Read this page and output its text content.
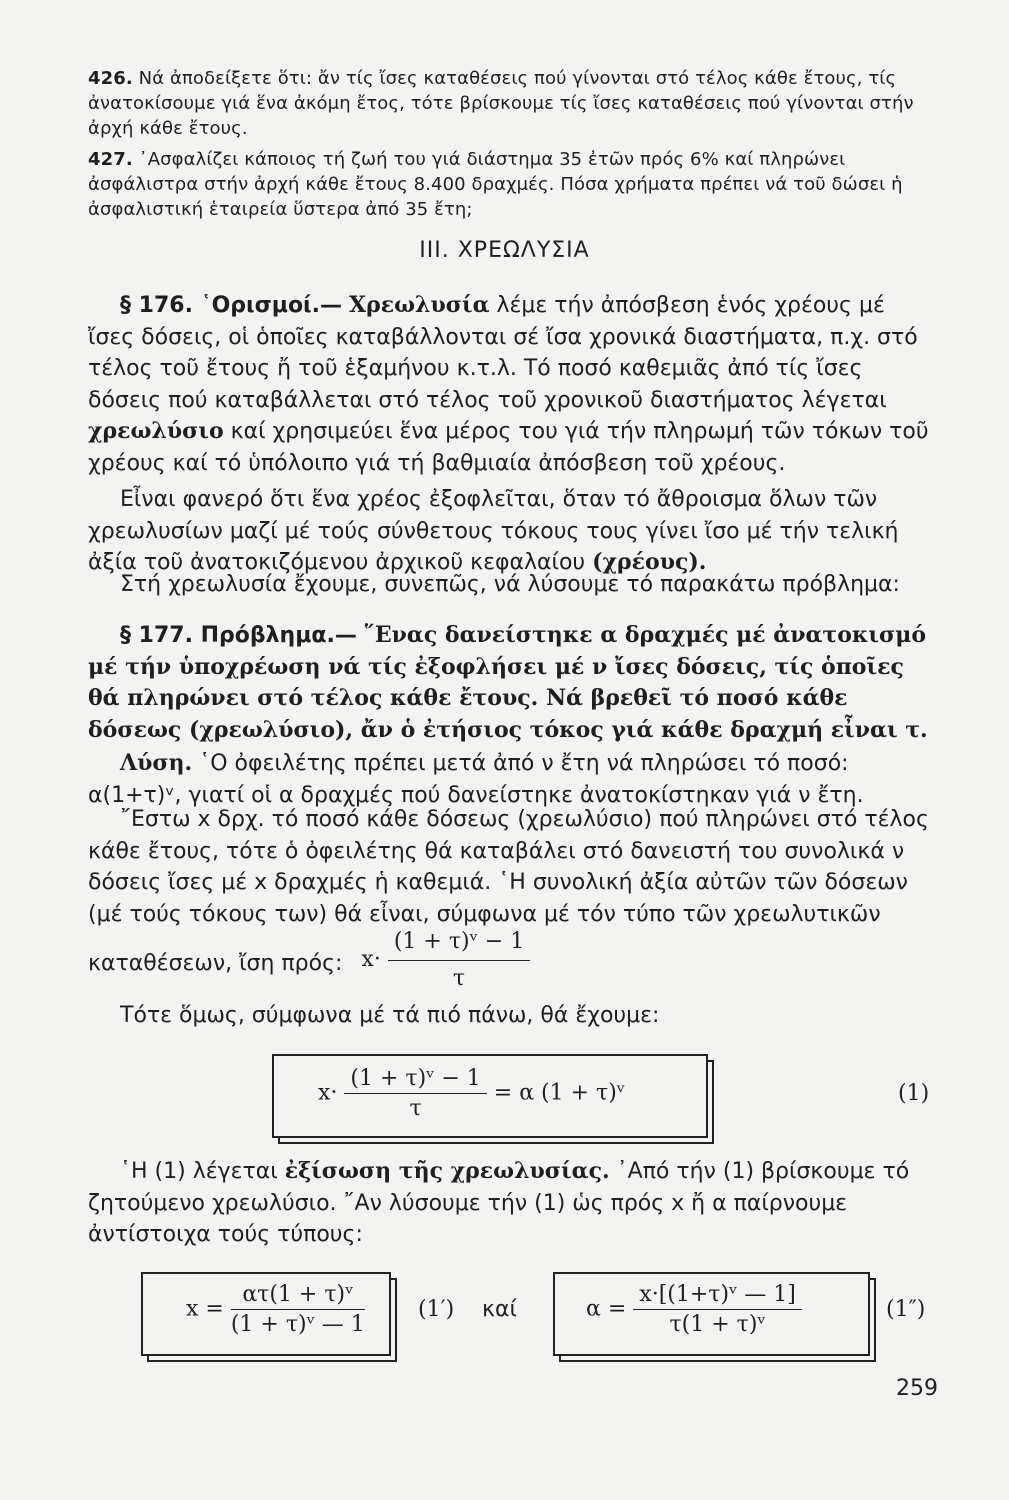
426. Νά ἀποδείξετε ὅτι: ἄν τίς ἴσες καταθέσεις πού γίνονται στό τέλος κάθε ἔτους, τίς ἀνατοκίσουμε γιά ἕνα ἀκόμη ἔτος, τότε βρίσκουμε τίς ἴσες καταθέσεις πού γίνονται στήν ἀρχή κάθε ἔτους.
427. ᾿Ασφαλίζει κάποιος τή ζωή του γιά διάστημα 35 ἐτῶν πρός 6% καί πληρώνει ἀσφάλιστρα στήν ἀρχή κάθε ἔτους 8.400 δραχμές. Πόσα χρήματα πρέπει νά τοῦ δώσει ἡ ἀσφαλιστική ἑταιρεία ὕστερα ἀπό 35 ἔτη;
III. ΧΡΕΩΛΥΣΙΑ
§ 176. ῾Ορισμοί.— Χρεωλυσία λέμε τήν ἀπόσβεση ἑνός χρέους μέ ἴσες δόσεις, οἱ ὁποῖες καταβάλλονται σέ ἴσα χρονικά διαστήματα, π.χ. στό τέλος τοῦ ἔτους ἤ τοῦ ἑξαμήνου κ.τ.λ. Τό ποσό καθεμιᾶς ἀπό τίς ἴσες δόσεις πού καταβάλλεται στό τέλος τοῦ χρονικοῦ διαστήματος λέγεται χρεωλύσιο καί χρησιμεύει ἕνα μέρος του γιά τήν πληρωμή τῶν τόκων τοῦ χρέους καί τό ὑπόλοιπο γιά τή βαθμιαία ἀπόσβεση τοῦ χρέους.
Εἶναι φανερό ὅτι ἕνα χρέος ἐξοφλεῖται, ὅταν τό ἄθροισμα ὅλων τῶν χρεωλυσίων μαζί μέ τούς σύνθετους τόκους τους γίνει ἴσο μέ τήν τελική ἀξία τοῦ ἀνατοκιζόμενου ἀρχικοῦ κεφαλαίου (χρέους).
Στή χρεωλυσία ἔχουμε, συνεπῶς, νά λύσουμε τό παρακάτω πρόβλημα:
§ 177. Πρόβλημα.— ῞Ενας δανείστηκε α δραχμές μέ ἀνατοκισμό μέ τήν ὑποχρέωση νά τίς ἐξοφλήσει μέ ν ἴσες δόσεις, τίς ὁποῖες θά πληρώνει στό τέλος κάθε ἔτους. Νά βρεθεῖ τό ποσό κάθε δόσεως (χρεωλύσιο), ἄν ὁ ἐτήσιος τόκος γιά κάθε δραχμή εἶναι τ.
Λύση. ῾Ο ὀφειλέτης πρέπει μετά ἀπό ν ἔτη νά πληρώσει τό ποσό: α(1+τ)ᵛ, γιατί οἱ α δραχμές πού δανείστηκε ἀνατοκίστηκαν γιά ν ἔτη.
῎Εστω x δρχ. τό ποσό κάθε δόσεως (χρεωλύσιο) πού πληρώνει στό τέλος κάθε ἔτους, τότε ὁ ὀφειλέτης θά καταβάλει στό δανειστή του συνολικά ν δόσεις ἴσες μέ x δραχμές ἡ καθεμιά. ῾Η συνολική ἀξία αὐτῶν τῶν δόσεων (μέ τούς τόκους των) θά εἶναι, σύμφωνα μέ τόν τύπο τῶν χρεωλυτικῶν καταθέσεων, ἴση πρός: $x\cdot \frac{\text{(1 + τ)ᵛ − 1}}{\tau}$
Τότε ὅμως, σύμφωνα μέ τά πιό πάνω, θά ἔχουμε:
$x\cdot \frac{\text{(1 + τ)ᵛ − 1}}{\tau} = \alpha$ (1 + τ)ᵛ	(1)
῾Η (1) λέγεται ἐξίσωση τῆς χρεωλυσίας. ᾿Από τήν (1) βρίσκουμε τό ζητούμενο χρεωλύσιο. ῎Αν λύσουμε τήν (1) ὡς πρός x ἤ α παίρνουμε ἀντίστοιχα τούς τύπους:
$x = \frac{\text{ατ(1 + τ)ᵛ}}{\text{(1 + τ)ᵛ — 1}} (1')$ καί	$\alpha = \frac{\text{x·[(1+τ)ᵛ — 1]}}{\text{τ(1 + τ)ᵛ}}$	(1″)
259
